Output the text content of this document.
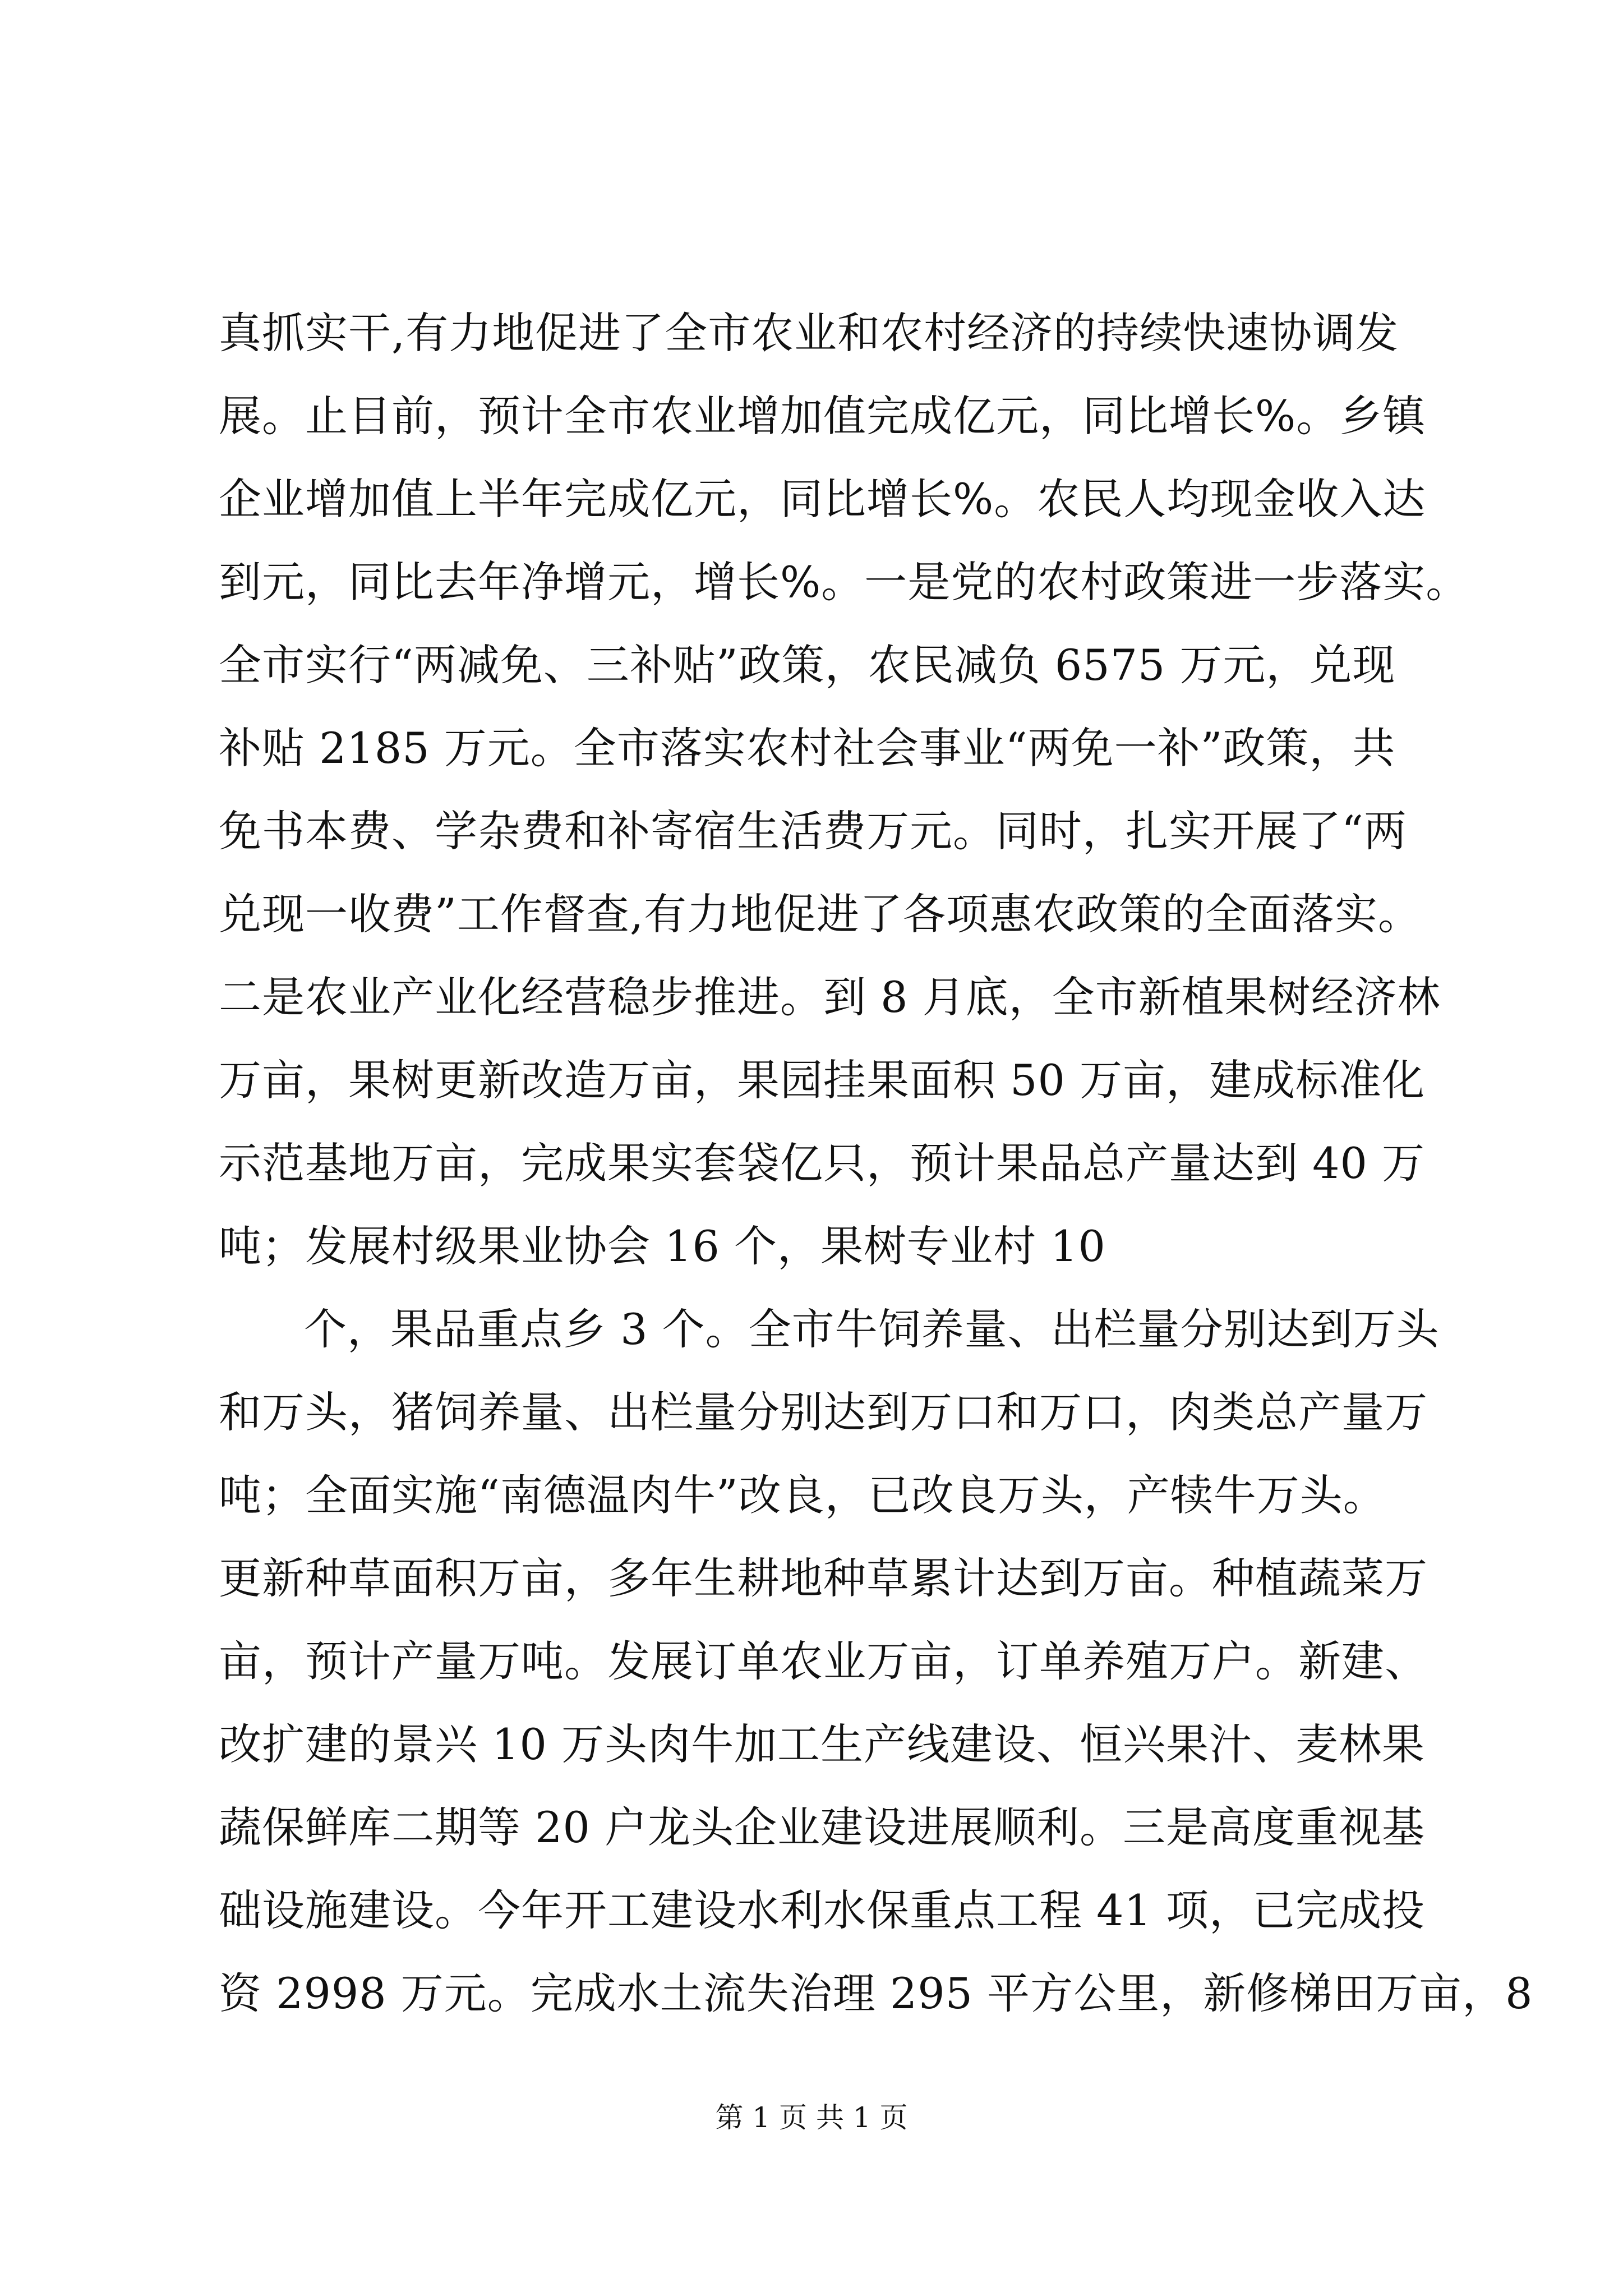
真抓实干,有力地促进了全市农业和农村经济的持续快速协调发
展。止目前，预计全市农业增加值完成亿元，同比增长%。乡镇
企业增加值上半年完成亿元，同比增长%。农民人均现金收入达
到元，同比去年净增元，增长%。一是党的农村政策进一步落实。
全市实行“两减免、三补贴”政策，农民减负 6575 万元，兑现
补贴 2185 万元。全市落实农村社会事业“两免一补”政策，共
免书本费、学杂费和补寄宿生活费万元。同时，扎实开展了“两
兑现一收费”工作督查,有力地促进了各项惠农政策的全面落实。
二是农业产业化经营稳步推进。到 8 月底，全市新植果树经济林
万亩，果树更新改造万亩，果园挂果面积 50 万亩，建成标准化
示范基地万亩，完成果实套袋亿只，预计果品总产量达到 40 万
吨；发展村级果业协会 16 个，果树专业村 10
个，果品重点乡 3 个。全市牛饲养量、出栏量分别达到万头
和万头，猪饲养量、出栏量分别达到万口和万口，肉类总产量万
吨；全面实施“南德温肉牛”改良，已改良万头，产犊牛万头。
更新种草面积万亩，多年生耕地种草累计达到万亩。种植蔬菜万
亩，预计产量万吨。发展订单农业万亩，订单养殖万户。新建、
改扩建的景兴 10 万头肉牛加工生产线建设、恒兴果汁、麦林果
蔬保鲜库二期等 20 户龙头企业建设进展顺利。三是高度重视基
础设施建设。今年开工建设水利水保重点工程 41 项，已完成投
资 2998 万元。完成水土流失治理 295 平方公里，新修梯田万亩，8
第 1 页 共 1 页
